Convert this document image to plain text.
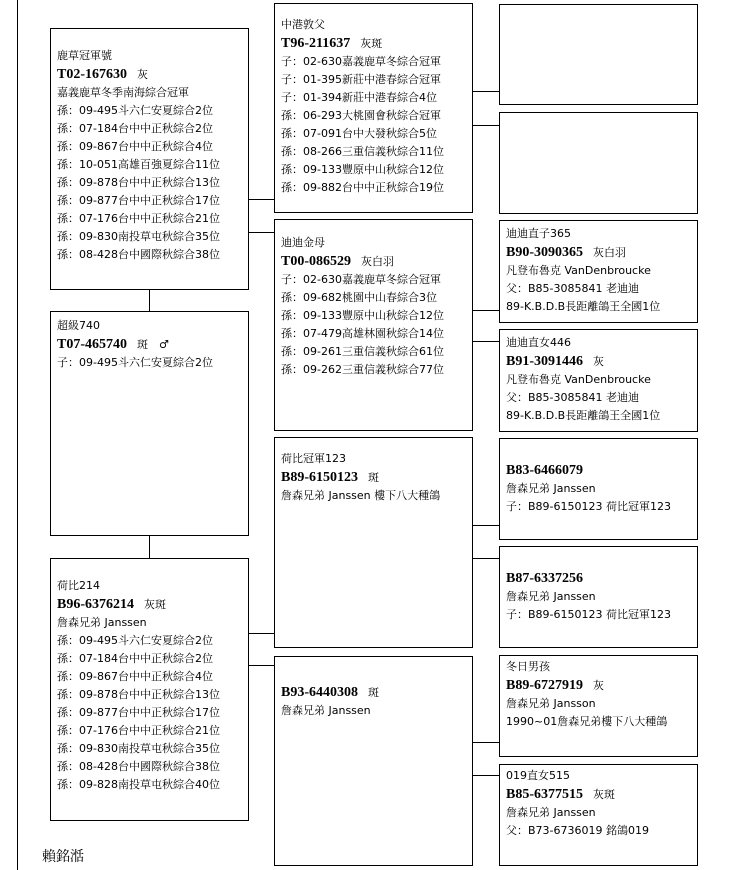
鹿草冠軍號
T02-167630 灰
嘉義鹿草冬季南海綜合冠軍
孫：09-495斗六仁安夏綜合2位
孫：07-184台中中正秋綜合2位
孫：09-867台中中正秋綜合4位
孫：10-051高雄百強夏綜合11位
孫：09-878台中中正秋綜合13位
孫：09-877台中中正秋綜合17位
孫：07-176台中中正秋綜合21位
孫：09-830南投草屯秋綜合35位
孫：08-428台中國際秋綜合38位
超級740
T07-465740 斑　♂
子：09-495斗六仁安夏綜合2位
荷比214
B96-6376214 灰斑
詹森兄弟 Janssen
孫：09-495斗六仁安夏綜合2位
孫：07-184台中中正秋綜合2位
孫：09-867台中中正秋綜合4位
孫：09-878台中中正秋綜合13位
孫：09-877台中中正秋綜合17位
孫：07-176台中中正秋綜合21位
孫：09-830南投草屯秋綜合35位
孫：08-428台中國際秋綜合38位
孫：09-828南投草屯秋綜合40位
中港敦父
T96-211637 灰斑
子：02-630嘉義鹿草冬綜合冠軍
子：01-395新莊中港春綜合冠軍
子：01-394新莊中港春綜合4位
孫：06-293大桃園會秋綜合冠軍
孫：07-091台中大發秋綜合5位
孫：08-266三重信義秋綜合11位
孫：09-133豐原中山秋綜合12位
孫：09-882台中中正秋綜合19位
迪迪金母
T00-086529 灰白羽
子：02-630嘉義鹿草冬綜合冠軍
孫：09-682桃園中山春綜合3位
孫：09-133豐原中山秋綜合12位
孫：07-479高雄林園秋綜合14位
孫：09-261三重信義秋綜合61位
孫：09-262三重信義秋綜合77位
荷比冠軍123
B89-6150123 斑
詹森兄弟 Janssen 樓下八大種鴿
B93-6440308 斑
詹森兄弟 Janssen
迪迪直子365
B90-3090365 灰白羽
凡登布魯克 VanDenbroucke
父：B85-3085841 老迪迪
89-K.B.D.B長距離鴿王全國1位
迪迪直女446
B91-3091446 灰
凡登布魯克 VanDenbroucke
父：B85-3085841 老迪迪
89-K.B.D.B長距離鴿王全國1位
B83-6466079
詹森兄弟 Janssen
子：B89-6150123 荷比冠軍123
B87-6337256
詹森兄弟 Janssen
子：B89-6150123 荷比冠軍123
冬日男孩
B89-6727919 灰
詹森兄弟 Jansson
1990~01詹森兄弟樓下八大種鴿
019直女515
B85-6377515 灰斑
詹森兄弟 Janssen
父：B73-6736019 銘鴿019
賴銘湉
